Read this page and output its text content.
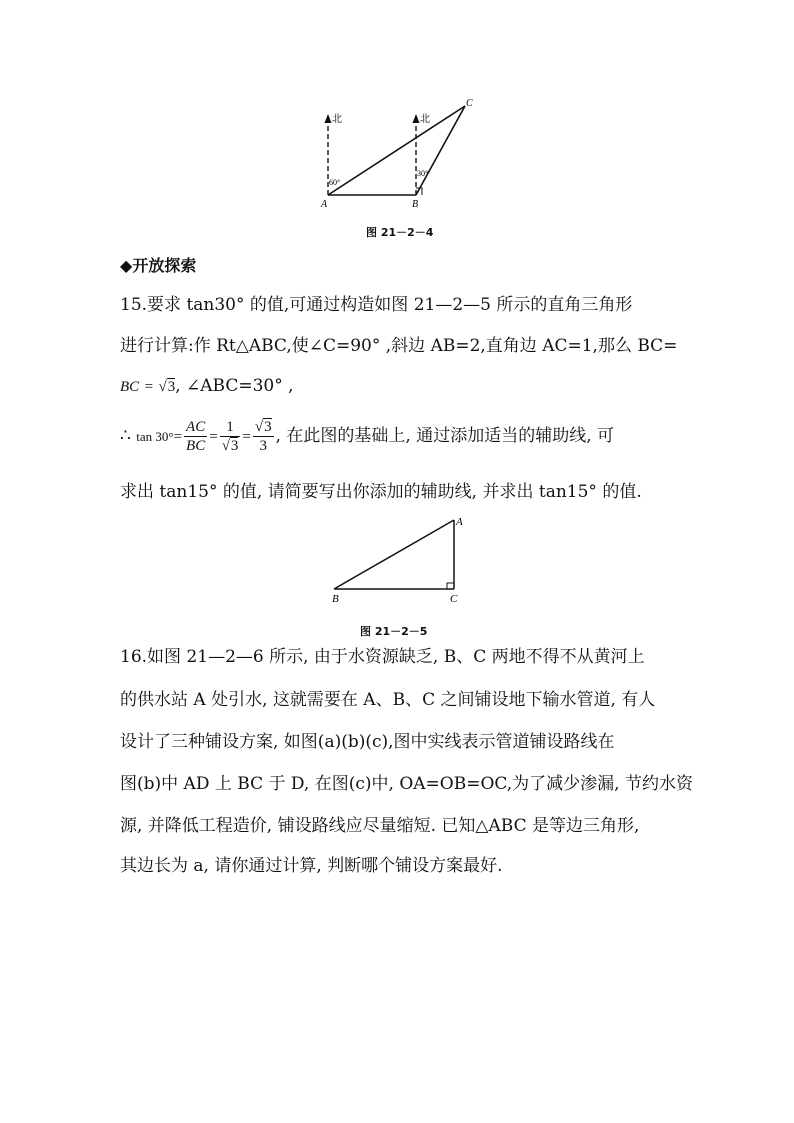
北	北
60°
30°
A	B
C
图 21－2－4
◆开放探索
15.要求 tan30° 的值,可通过构造如图 21—2—5 所示的直角三角形
进行计算:作 Rt△ABC,使∠C=90° ,斜边 AB=2,直角边 AC=1,那么 BC=
BC = √3, ∠ABC=30° ,
∴ $\tan 30^\circ= \frac{AC}{BC} = \frac{1}{√3} = \frac{√3}{3}$ , 在此图的基础上, 通过添加适当的辅助线, 可
求出 tan15° 的值, 请简要写出你添加的辅助线, 并求出 tan15° 的值.
A
B	C
图 21－2－5
16.如图 21—2—6 所示, 由于水资源缺乏, B、C 两地不得不从黄河上
的供水站 A 处引水, 这就需要在 A、B、C 之间铺设地下输水管道, 有人
设计了三种铺设方案, 如图(a)(b)(c),图中实线表示管道铺设路线在
图(b)中 AD 上 BC 于 D, 在图(c)中, OA=OB=OC,为了减少渗漏, 节约水资
源, 并降低工程造价, 铺设路线应尽量缩短. 已知△ABC 是等边三角形,
其边长为 a, 请你通过计算, 判断哪个铺设方案最好.
